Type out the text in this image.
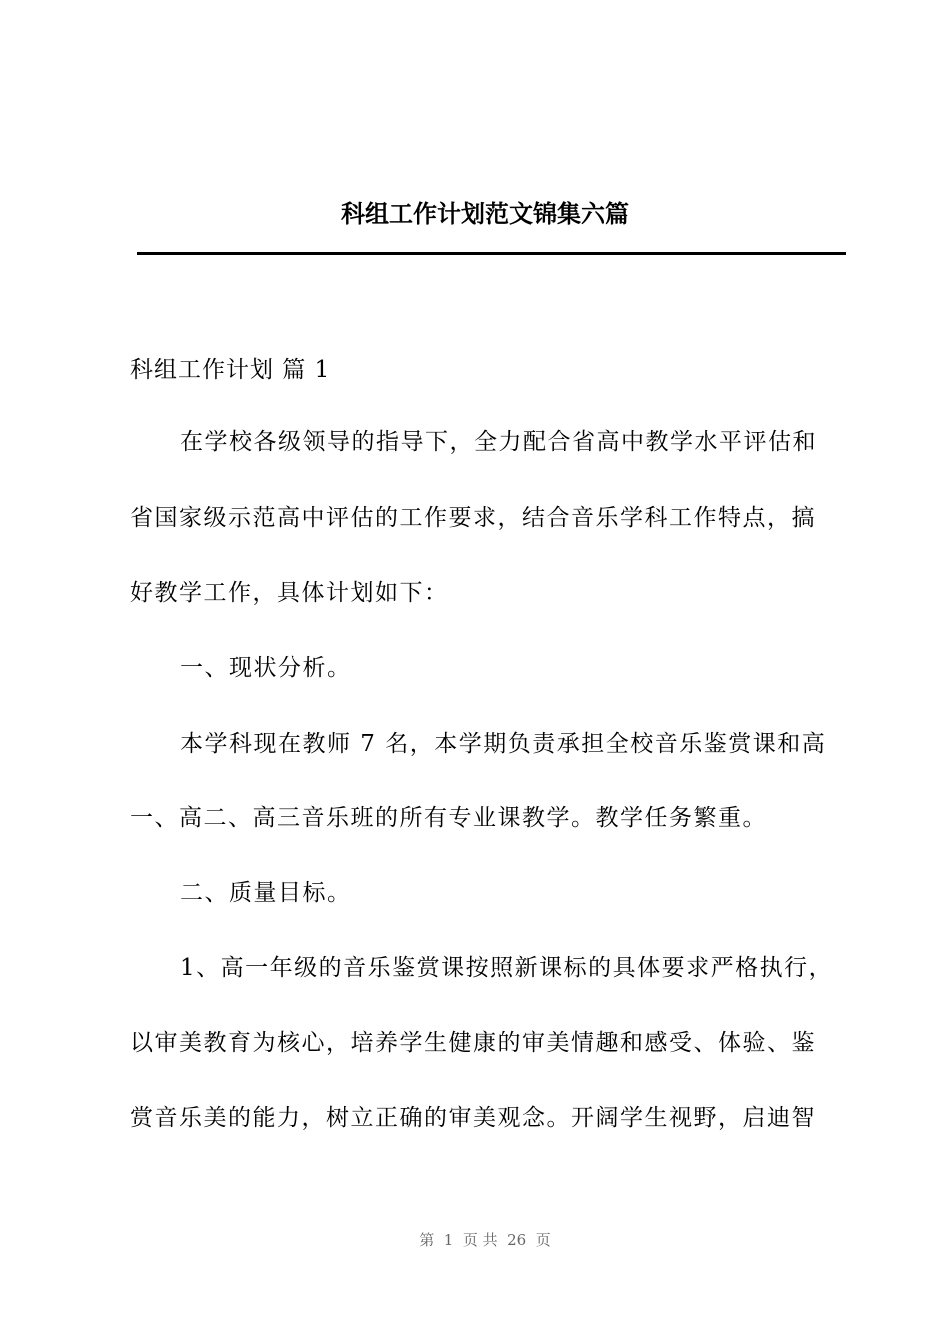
科组工作计划范文锦集六篇
科组工作计划 篇 1
在学校各级领导的指导下，全力配合省高中教学水平评估和
省国家级示范高中评估的工作要求，结合音乐学科工作特点，搞
好教学工作，具体计划如下：
一、现状分析。
本学科现在教师 7 名，本学期负责承担全校音乐鉴赏课和高
一、高二、高三音乐班的所有专业课教学。教学任务繁重。
二、质量目标。
1、高一年级的音乐鉴赏课按照新课标的具体要求严格执行，
以审美教育为核心，培养学生健康的审美情趣和感受、体验、鉴
赏音乐美的能力，树立正确的审美观念。开阔学生视野，启迪智
第  1  页 共  26  页
